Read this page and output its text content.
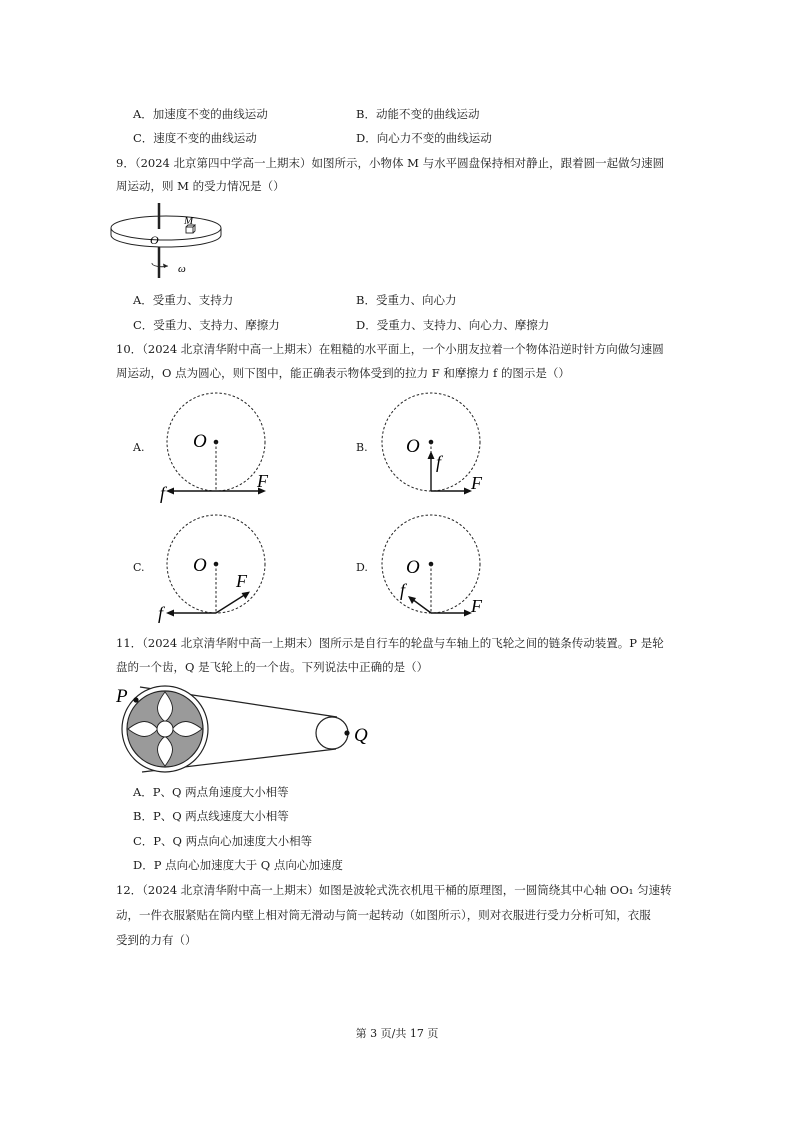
A．加速度不变的曲线运动	B．动能不变的曲线运动
C．速度不变的曲线运动	D．向心力不变的曲线运动
9．（2024 北京第四中学高一上期末）如图所示，小物体 M 与水平圆盘保持相对静止，跟着圆一起做匀速圆
周运动，则 M 的受力情况是（）
O
M
ω
A．受重力、支持力	B．受重力、向心力
C．受重力、支持力、摩擦力	D．受重力、支持力、向心力、摩擦力
10．（2024 北京清华附中高一上期末）在粗糙的水平面上，一个小朋友拉着一个物体沿逆时针方向做匀速圆
周运动，O 点为圆心，则下图中，能正确表示物体受到的拉力 F 和摩擦力 f 的图示是（）
A.	O
F
f
B. O
f
F
C.	O
F
f
D. O
f
F
11．（2024 北京清华附中高一上期末）图所示是自行车的轮盘与车轴上的飞轮之间的链条传动装置。P 是轮
盘的一个齿，Q 是飞轮上的一个齿。下列说法中正确的是（）
P
Q
A．P、Q 两点角速度大小相等
B．P、Q 两点线速度大小相等
C．P、Q 两点向心加速度大小相等
D．P 点向心加速度大于 Q 点向心加速度
12．（2024 北京清华附中高一上期末）如图是波轮式洗衣机甩干桶的原理图，一圆筒绕其中心轴 OO₁ 匀速转
动，一件衣服紧贴在筒内壁上相对筒无滑动与筒一起转动（如图所示），则对衣服进行受力分析可知，衣服
受到的力有（）
第 3 页/共 17 页
